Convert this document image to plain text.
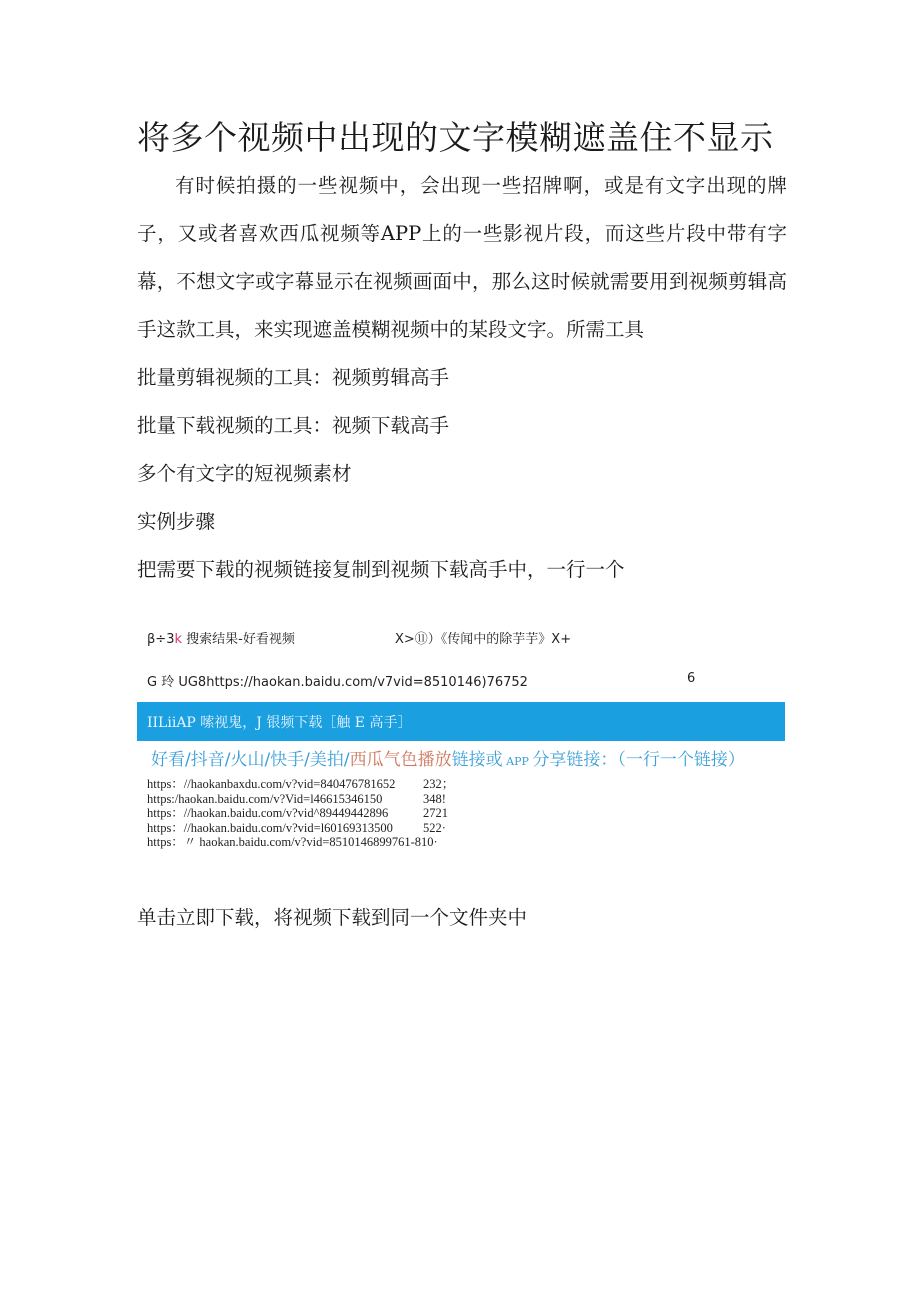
将多个视频中出现的文字模糊遮盖住不显示

有时候拍摄的一些视频中，会出现一些招牌啊，或是有文字出现的牌子，又或者喜欢西瓜视频等APP上的一些影视片段，而这些片段中带有字幕，不想文字或字幕显示在视频画面中，那么这时候就需要用到视频剪辑高手这款工具，来实现遮盖模糊视频中的某段文字。所需工具

批量剪辑视频的工具：视频剪辑高手
批量下载视频的工具：视频下载高手
多个有文字的短视频素材
实例步骤
把需要下载的视频链接复制到视频下载高手中，一行一个
β÷3k 搜索结果-好看视频	X>⑪）《传闻中的除芋芋》X+
G 玲 UG8https://haokan.baidu.com/v7vid=8510146)76752	6
IILiiAP 嗦视鬼，J 银频下载［触 E 高手］
好看/抖音/火山/快手/美拍/西瓜气色播放链接或 APP 分享链接：（一行一个链接）
https：//haokanbaxdu.com/v?vid=840476781652 232；
https:/haokan.baidu.com/v?Vid=l46615346150	348!
https：//haokan.baidu.com/v?vid^89449442896	2721
https：//haokan.baidu.com/v?vid=l60169313500 522·
https：〃 haokan.baidu.com/v?vid=8510146899761-810·
单击立即下载，将视频下载到同一个文件夹中
